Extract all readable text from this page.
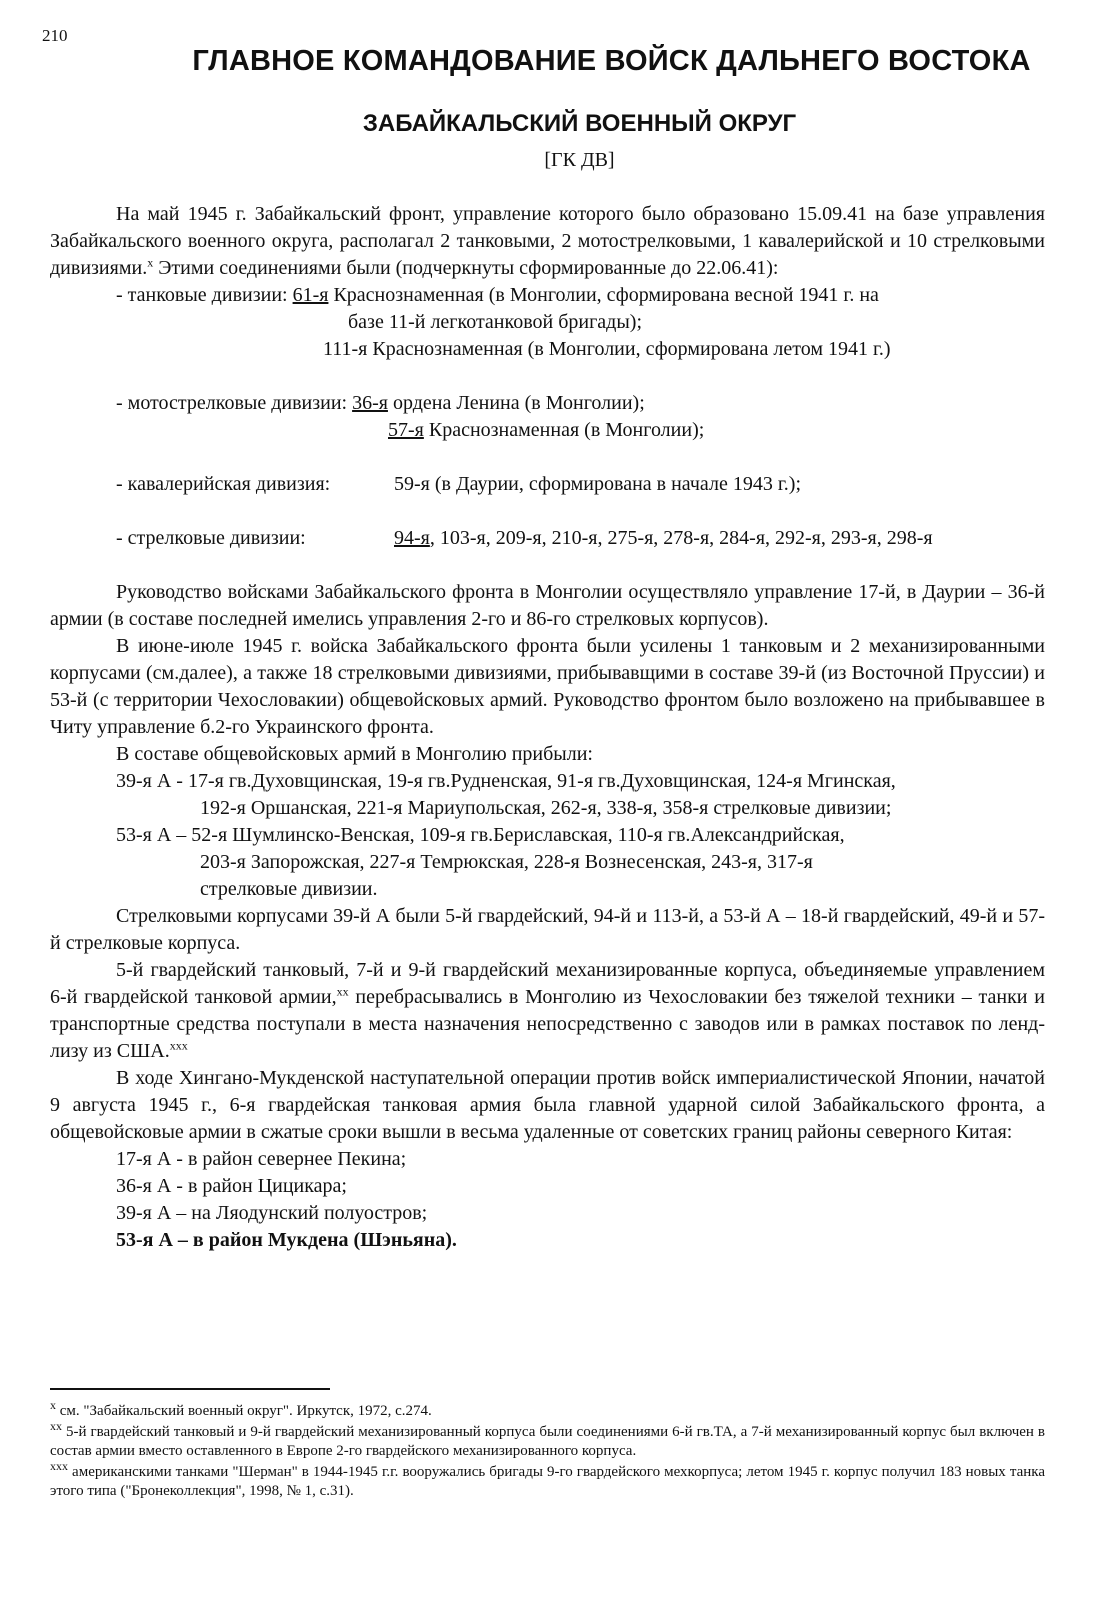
210
ГЛАВНОЕ КОМАНДОВАНИЕ ВОЙСК ДАЛЬНЕГО ВОСТОКА
ЗАБАЙКАЛЬСКИЙ ВОЕННЫЙ ОКРУГ
[ГК ДВ]

На май 1945 г. Забайкальский фронт, управление которого было образовано 15.09.41 на базе управления Забайкальского военного округа, располагал 2 танковыми, 2 мотострелковыми, 1 кавалерийской и 10 стрелковыми дивизиями.$^x$ Этими соединениями были (подчеркнуты сформированные до 22.06.41):

- танковые дивизии: 61-я Краснознаменная (в Монголии, сформирована весной 1941 г. на
базе 11-й легкотанковой бригады);
111-я Краснознаменная (в Монголии, сформирована летом 1941 г.)
- мотострелковые дивизии: 36-я ордена Ленина (в Монголии);
57-я Краснознаменная (в Монголии);
- кавалерийская дивизия:	59-я (в Даурии, сформирована в начале 1943 г.);
- стрелковые дивизии:	94-я, 103-я, 209-я, 210-я, 275-я, 278-я, 284-я, 292-я, 293-я, 298-я

Руководство войсками Забайкальского фронта в Монголии осуществляло управление 17-й, в Даурии – 36-й армии (в составе последней имелись управления 2-го и 86-го стрелковых корпусов).

В июне-июле 1945 г. войска Забайкальского фронта были усилены 1 танковым и 2 механизированными корпусами (см.далее), а также 18 стрелковыми дивизиями, прибывавщими в составе 39-й (из Восточной Пруссии) и 53-й (с территории Чехословакии) общевойсковых армий. Руководство фронтом было возложено на прибывавшее в Читу управление б.2-го Украинского фронта.

В составе общевойсковых армий в Монголию прибыли:

39-я А - 17-я гв.Духовщинская, 19-я гв.Рудненская, 91-я гв.Духовщинская, 124-я Мгинская,
192-я Оршанская, 221-я Мариупольская, 262-я, 338-я, 358-я стрелковые дивизии;
53-я А – 52-я Шумлинско-Венская, 109-я гв.Бериславская, 110-я гв.Александрийская,
203-я Запорожская, 227-я Темрюкская, 228-я Вознесенская, 243-я, 317-я
стрелковые дивизии.

Стрелковыми корпусами 39-й А были 5-й гвардейский, 94-й и 113-й, а 53-й А – 18-й гвардейский, 49-й и 57-й стрелковые корпуса.

5-й гвардейский танковый, 7-й и 9-й гвардейский механизированные корпуса, объединяемые управлением 6-й гвардейской танковой армии,$^{xx}$ перебрасывались в Монголию из Чехословакии без тяжелой техники – танки и транспортные средства поступали в места назначения непосредственно с заводов или в рамках поставок по ленд-лизу из США.$^{xxx}$

В ходе Хингано-Мукденской наступательной операции против войск империалистической Японии, начатой 9 августа 1945 г., 6-я гвардейская танковая армия была главной ударной силой Забайкальского фронта, а общевойсковые армии в сжатые сроки вышли в весьма удаленные от советских границ районы северного Китая:

17-я А - в район севернее Пекина;
36-я А - в район Цицикара;
39-я А – на Ляодунский полуостров;
53-я А – в район Мукдена (Шэньяна).

$^x$ см. "Забайкальский военный округ". Иркутск, 1972, с.274.

$^{xx}$ 5-й гвардейский танковый и 9-й гвардейский механизированный корпуса были соединениями 6-й гв.ТА, а 7-й механизированный корпус был включен в состав армии вместо оставленного в Европе 2-го гвардейского механизированного корпуса.

$^{xxx}$ американскими танками "Шерман" в 1944-1945 г.г. вооружались бригады 9-го гвардейского мехкорпуса; летом 1945 г. корпус получил 183 новых танка этого типа ("Бронеколлекция", 1998, № 1, с.31).
